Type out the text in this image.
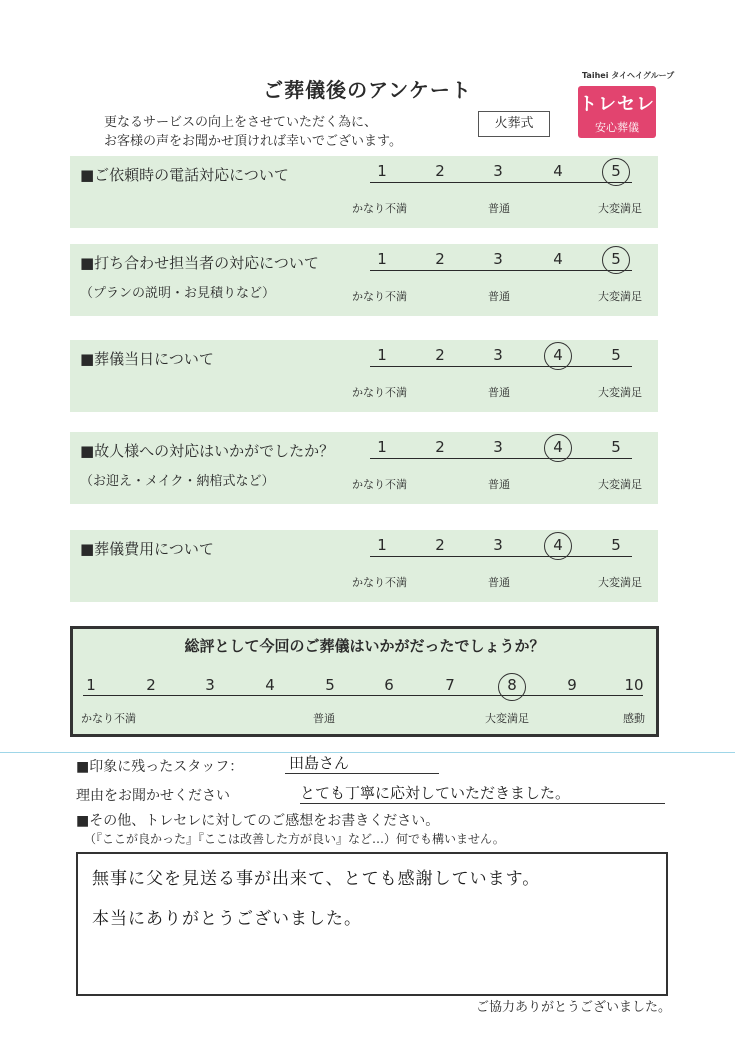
ご葬儀後のアンケート
更なるサービスの向上をさせていただく為に、
お客様の声をお聞かせ頂ければ幸いでございます。
火葬式
Taihei タイヘイグループ
トレセレ
安心葬儀
■ご依頼時の電話対応について	1	2	3	4	5
かなり不満	普通	大変満足
■打ち合わせ担当者の対応について
（プランの説明・お見積りなど）
1	2	3	4	5
かなり不満	普通	大変満足
■葬儀当日について	1	2	3	4	5
かなり不満	普通	大変満足
■故人様への対応はいかがでしたか？
（お迎え・メイク・納棺式など）
1	2	3	4	5
かなり不満	普通	大変満足
■葬儀費用について	1	2	3	4	5
かなり不満	普通	大変満足
総評として今回のご葬儀はいかがだったでしょうか？
1	2	3	4	5	6	7	8	9	10
かなり不満	普通	大変満足	感動
■印象に残ったスタッフ：	田島さん
理由をお聞かせください	とても丁寧に応対していただきました。
■その他、トレセレに対してのご感想をお書きください。
（『ここが良かった』『ここは改善した方が良い』など…）何でも構いません。
無事に父を見送る事が出来て、とても感謝しています。
本当にありがとうございました。
ご協力ありがとうございました。
